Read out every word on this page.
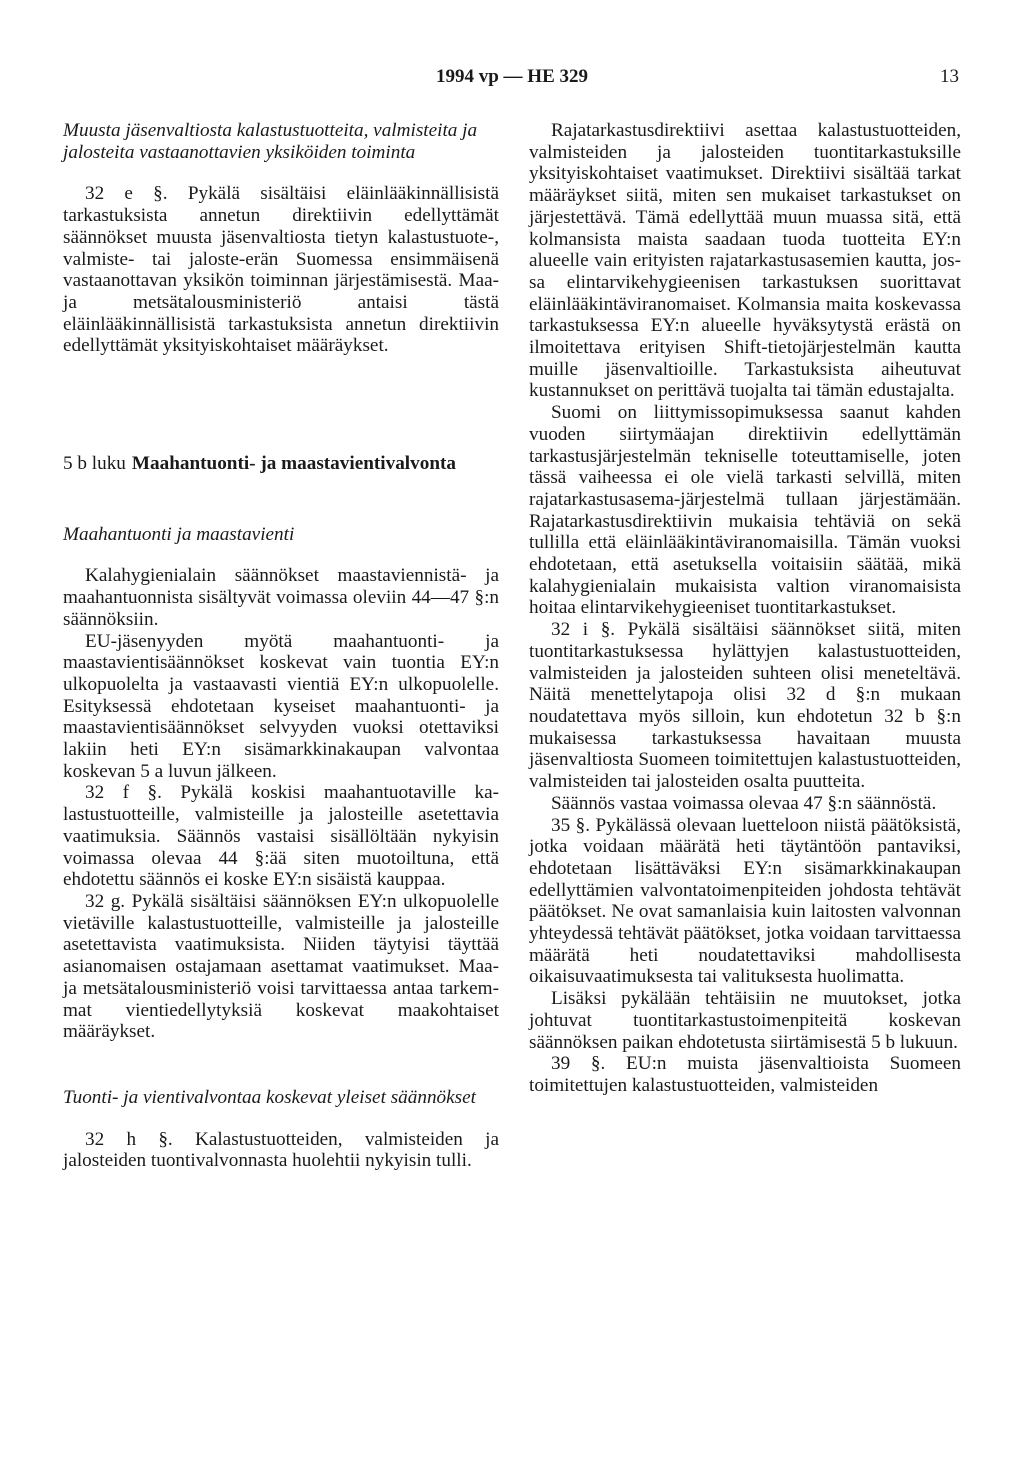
1994 vp — HE 329	13

Muusta jäsenvaltiosta kalastustuotteita, valmisteita ja jalosteita vastaanottavien yksiköiden toiminta

32 e §. Pykälä sisältäisi eläinlääkinnällisistä tarkastuksista annetun direktiivin edellyttämät säännökset muusta jäsenvaltiosta tietyn kalastustuote-, valmiste- tai jaloste-erän Suomessa ensimmäisenä vastaanottavan yksikön toiminnan järjestämisestä. Maa- ja metsätalousministeriö antaisi tästä eläinlääkinnällisistä tarkastuksista annetun direktiivin edellyttämät yksityiskohtaiset määräykset.

5 b luku Maahantuonti- ja maastavientivalvonta

Maahantuonti ja maastavienti

Kalahygienialain säännökset maastaviennistä- ja maahantuonnista sisältyvät voimassa oleviin 44—47 §:n säännöksiin.

EU-jäsenyyden myötä maahantuonti- ja maastavientisäännökset koskevat vain tuontia EY:n ulkopuolelta ja vastaavasti vientiä EY:n ulkopuolelle. Esityksessä ehdotetaan kyseiset maahantuonti- ja maastavientisäännökset selvyyden vuoksi otettaviksi lakiin heti EY:n sisämarkkinakaupan valvontaa koskevan 5 a luvun jälkeen.

32 f §. Pykälä koskisi maahantuotaville kalastustuotteille, valmisteille ja jalosteille asetettavia vaatimuksia. Säännös vastaisi sisällöltään nykyisin voimassa olevaa 44 §:ää siten muotoiltuna, että ehdotettu säännös ei koske EY:n sisäistä kauppaa.

32 g. Pykälä sisältäisi säännöksen EY:n ulkopuolelle vietäville kalastustuotteille, valmisteille ja jalosteille asetettavista vaatimuksista. Niiden täytyisi täyttää asianomaisen ostajamaan asettamat vaatimukset. Maa- ja metsätalousministeriö voisi tarvittaessa antaa tarkemmat vientiedellytyksiä koskevat maakohtaiset määräykset.

Tuonti- ja vientivalvontaa koskevat yleiset säännökset

32 h §. Kalastustuotteiden, valmisteiden ja jalosteiden tuontivalvonnasta huolehtii nykyisin tulli.

Rajatarkastusdirektiivi asettaa kalastustuotteiden, valmisteiden ja jalosteiden tuontitarkastuksille yksityiskohtaiset vaatimukset. Direktiivi sisältää tarkat määräykset siitä, miten sen mukaiset tarkastukset on järjestettävä. Tämä edellyttää muun muassa sitä, että kolmansista maista saadaan tuoda tuotteita EY:n alueelle vain erityisten rajatarkastusasemien kautta, jossa elintarvikehygieenisen tarkastuksen suorittavat eläinlääkintäviranomaiset. Kolmansia maita koskevassa tarkastuksessa EY:n alueelle hyväksytystä erästä on ilmoitettava erityisen Shift-tietojärjestelmän kautta muille jäsenvaltioille. Tarkastuksista aiheutuvat kustannukset on perittävä tuojalta tai tämän edustajalta.

Suomi on liittymissopimuksessa saanut kahden vuoden siirtymäajan direktiivin edellyttämän tarkastusjärjestelmän tekniselle toteuttamiselle, joten tässä vaiheessa ei ole vielä tarkasti selvillä, miten rajatarkastusasema-järjestelmä tullaan järjestämään. Rajatarkastusdirektiivin mukaisia tehtäviä on sekä tullilla että eläinlääkintäviranomaisilla. Tämän vuoksi ehdotetaan, että asetuksella voitaisiin säätää, mikä kalahygienialain mukaisista valtion viranomaisista hoitaa elintarvikehygieeniset tuontitarkastukset.

32 i §. Pykälä sisältäisi säännökset siitä, miten tuontitarkastuksessa hylättyjen kalastustuotteiden, valmisteiden ja jalosteiden suhteen olisi meneteltävä. Näitä menettelytapoja olisi 32 d §:n mukaan noudatettava myös silloin, kun ehdotetun 32 b §:n mukaisessa tarkastuksessa havaitaan muusta jäsenvaltiosta Suomeen toimitettujen kalastustuotteiden, valmisteiden tai jalosteiden osalta puutteita.

Säännös vastaa voimassa olevaa 47 §:n säännöstä.

35 §. Pykälässä olevaan luetteloon niistä päätöksistä, jotka voidaan määrätä heti täytäntöön pantaviksi, ehdotetaan lisättäväksi EY:n sisämarkkinakaupan edellyttämien valvontatoimenpiteiden johdosta tehtävät päätökset. Ne ovat samanlaisia kuin laitosten valvonnan yhteydessä tehtävät päätökset, jotka voidaan tarvittaessa määrätä heti noudatettaviksi mahdollisesta oikaisuvaatimuksesta tai valituksesta huolimatta.

Lisäksi pykälään tehtäisiin ne muutokset, jotka johtuvat tuontitarkastustoimenpiteitä koskevan säännöksen paikan ehdotetusta siirtämisestä 5 b lukuun.

39 §. EU:n muista jäsenvaltioista Suomeen toimitettujen kalastustuotteiden, valmisteiden
